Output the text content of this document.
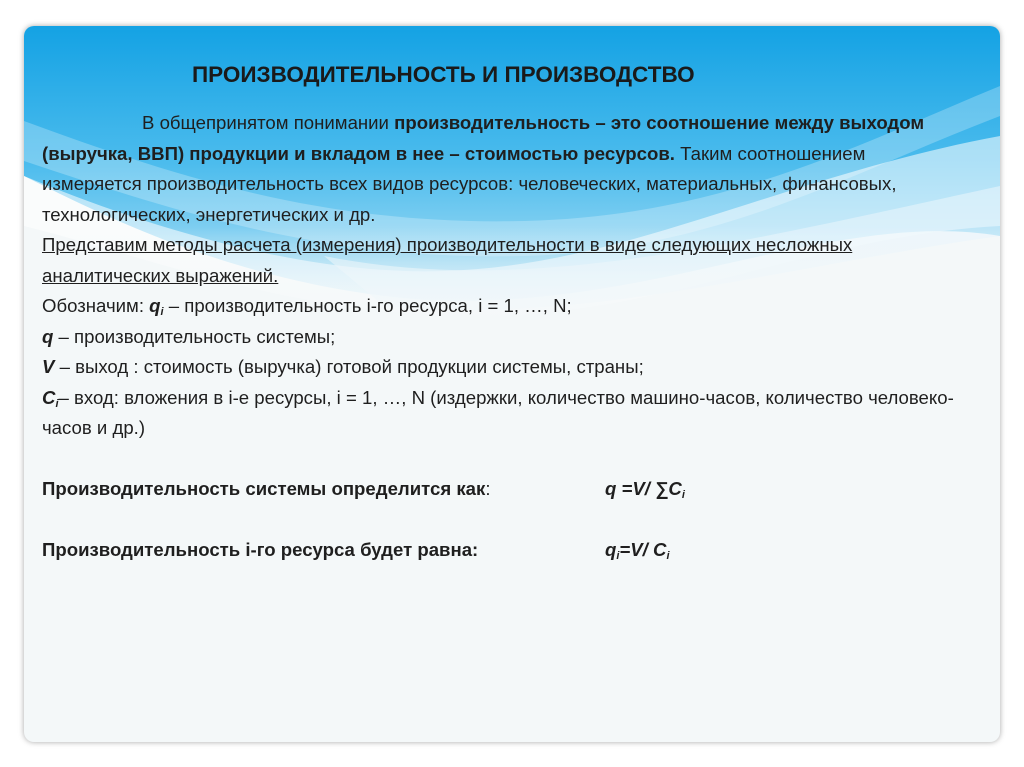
ПРОИЗВОДИТЕЛЬНОСТЬ И ПРОИЗВОДСТВО

В общепринятом понимании производительность – это соотношение между выходом (выручка, ВВП) продукции и вкладом в нее – стоимостью ресурсов. Таким соотношением измеряется производительность всех видов ресурсов: человеческих, материальных, финансовых, технологических, энергетических и др.

Представим методы расчета (измерения) производительности в виде следующих несложных аналитических выражений.

Обозначим: $q_i$ – производительность i-го ресурса, i = 1, …, N;

q – производительность системы;

V – выход : стоимость (выручка) готовой продукции системы, страны;

$C_i-$ вход: вложения в i-е ресурсы, i = 1, …, N (издержки, количество машино-часов, количество человеко-часов и др.)

Производительность системы определится как:	q =V/ $\sum C_i$
Производительность i-го ресурса будет равна:	$q_i=V/$ $C_i$
